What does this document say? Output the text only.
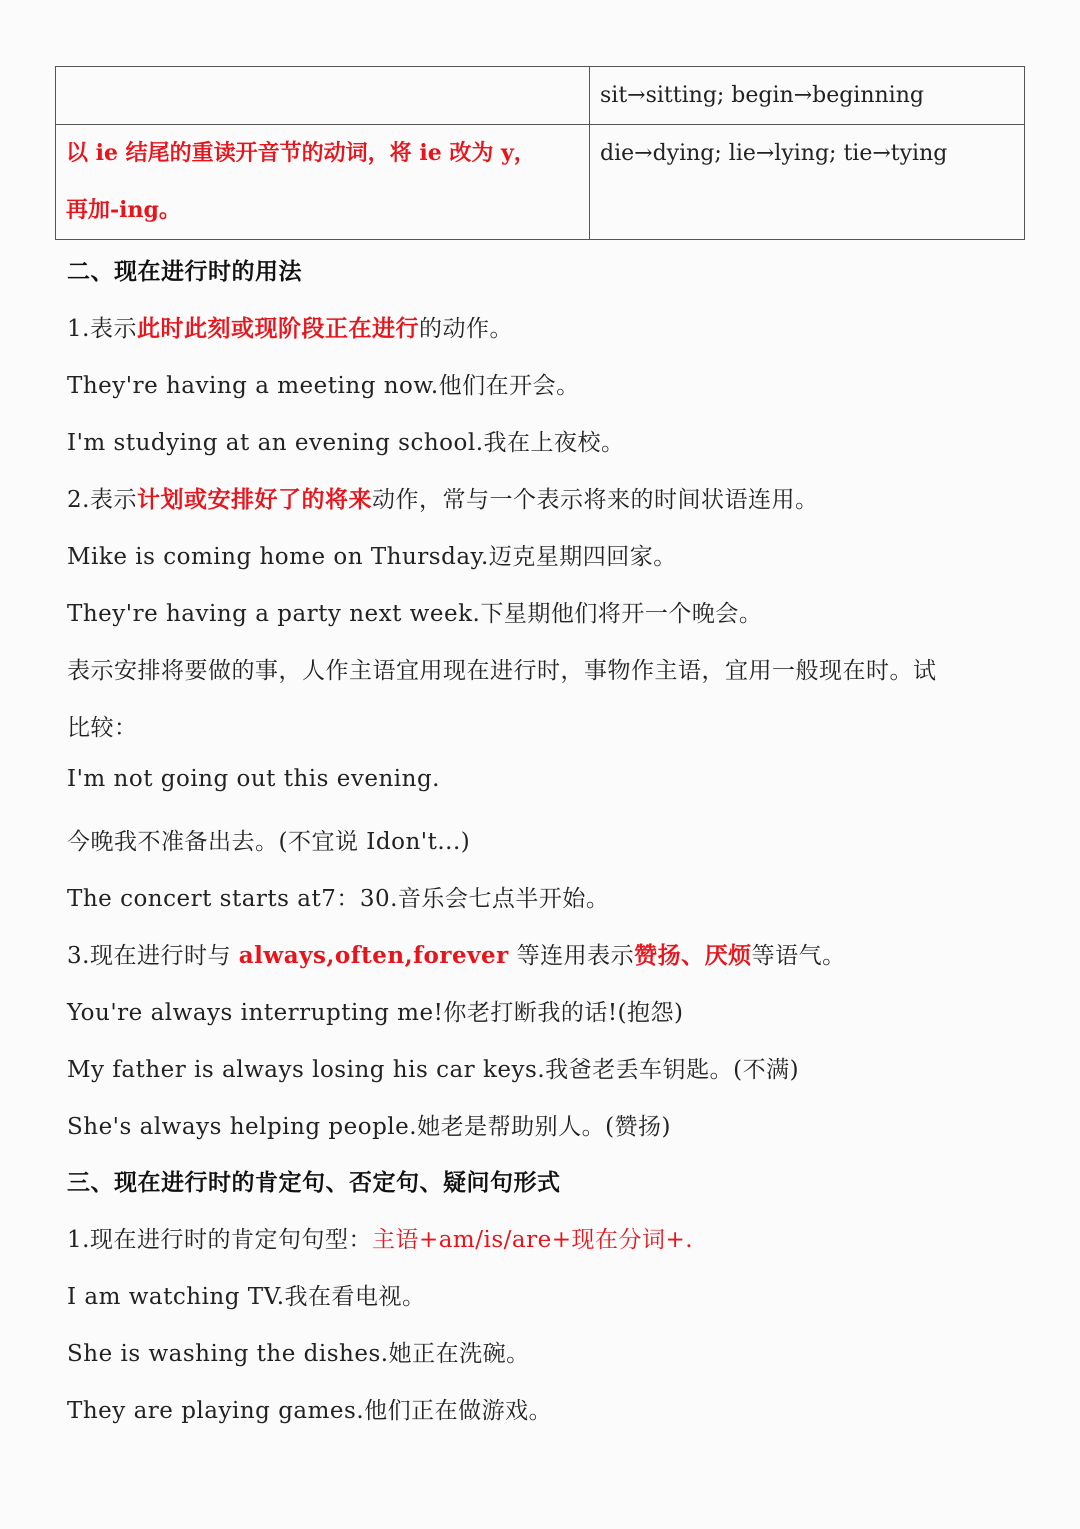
	sit→sitting; begin→beginning
以 ie 结尾的重读开音节的动词，将 ie 改为 y，
再加-ing。	die→dying; lie→lying; tie→tying
二、现在进行时的用法
1.表示此时此刻或现阶段正在进行的动作。
They're having a meeting now.他们在开会。
I'm studying at an evening school.我在上夜校。
2.表示计划或安排好了的将来动作，常与一个表示将来的时间状语连用。
Mike is coming home on Thursday.迈克星期四回家。
They're having a party next week.下星期他们将开一个晚会。
表示安排将要做的事，人作主语宜用现在进行时，事物作主语，宜用一般现在时。试
比较：
I'm not going out this evening.
今晚我不准备出去。(不宜说 Idon't...)
The concert starts at7：30.音乐会七点半开始。
3.现在进行时与 always,often,forever 等连用表示赞扬、厌烦等语气。
You're always interrupting me!你老打断我的话!(抱怨)
My father is always losing his car keys.我爸老丢车钥匙。(不满)
She's always helping people.她老是帮助别人。(赞扬)
三、现在进行时的肯定句、否定句、疑问句形式
1.现在进行时的肯定句句型：主语+am/is/are+现在分词+.
I am watching TV.我在看电视。
She is washing the dishes.她正在洗碗。
They are playing games.他们正在做游戏。
